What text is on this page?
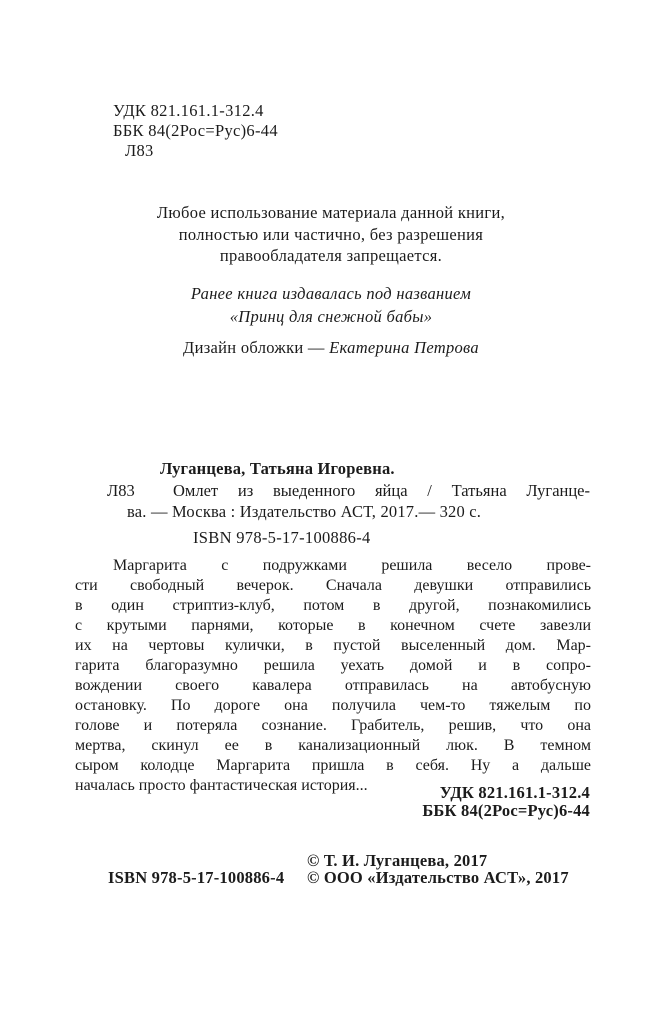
УДК 821.161.1-312.4
ББК 84(2Рос=Рус)6-44
Л83
Любое использование материала данной книги,
полностью или частично, без разрешения
правообладателя запрещается.
Ранее книга издавалась под названием
«Принц для снежной бабы»
Дизайн обложки — Екатерина Петрова
Луганцева, Татьяна Игоревна.
Л83 Омлет из выеденного яйца / Татьяна Луганце-
ва. — Москва : Издательство АСТ, 2017.— 320 с.
ISBN 978-5-17-100886-4
Маргарита с подружками решила весело прове-
сти свободный вечерок. Сначала девушки отправились
в один стриптиз-клуб, потом в другой, познакомились
с крутыми парнями, которые в конечном счете завезли
их на чертовы кулички, в пустой выселенный дом. Мар-
гарита благоразумно решила уехать домой и в сопро-
вождении своего кавалера отправилась на автобусную
остановку. По дороге она получила чем-то тяжелым по
голове и потеряла сознание. Грабитель, решив, что она
мертва, скинул ее в канализационный люк. В темном
сыром колодце Маргарита пришла в себя. Ну а дальше
началась просто фантастическая история...	УДК 821.161.1-312.4
ББК 84(2Рос=Рус)6-44
ISBN 978-5-17-100886-4
© Т. И. Луганцева, 2017
© ООО «Издательство АСТ», 2017
